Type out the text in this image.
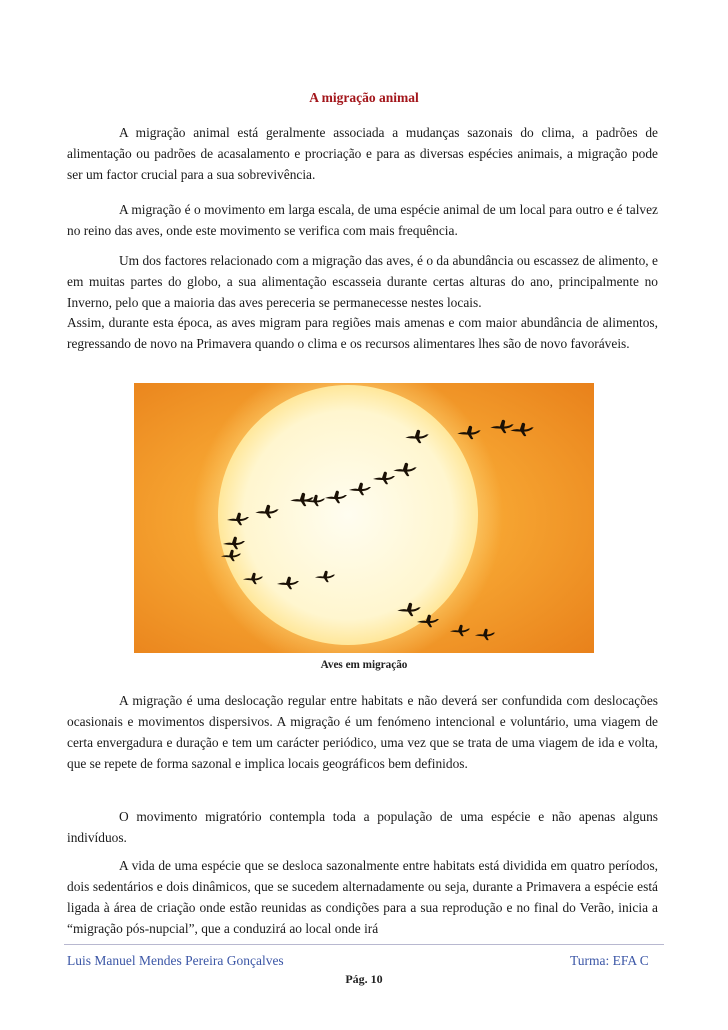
A migração animal

A migração animal está geralmente associada a mudanças sazonais do clima, a padrões de alimentação ou padrões de acasalamento e procriação e para as diversas espécies animais, a migração pode ser um factor crucial para a sua sobrevivência.

A migração é o movimento em larga escala, de uma espécie animal de um local para outro e é talvez no reino das aves, onde este movimento se verifica com mais frequência.

Um dos factores relacionado com a migração das aves, é o da abundância ou escassez de alimento, e em muitas partes do globo, a sua alimentação escasseia durante certas alturas do ano, principalmente no Inverno, pelo que a maioria das aves pereceria se permanecesse nestes locais.

Assim, durante esta época, as aves migram para regiões mais amenas e com maior abundância de alimentos, regressando de novo na Primavera quando o clima e os recursos alimentares lhes são de novo favoráveis.

Aves em migração

A migração é uma deslocação regular entre habitats e não deverá ser confundida com deslocações ocasionais e movimentos dispersivos. A migração é um fenómeno intencional e voluntário, uma viagem de certa envergadura e duração e tem um carácter periódico, uma vez que se trata de uma viagem de ida e volta, que se repete de forma sazonal e implica locais geográficos bem definidos.

O movimento migratório contempla toda a população de uma espécie e não apenas alguns indivíduos.

A vida de uma espécie que se desloca sazonalmente entre habitats está dividida em quatro períodos, dois sedentários e dois dinâmicos, que se sucedem alternadamente ou seja, durante a Primavera a espécie está ligada à área de criação onde estão reunidas as condições para a sua reprodução e no final do Verão, inicia a “migração pós-nupcial”, que a conduzirá ao local onde irá

Luis Manuel Mendes Pereira Gonçalves	Turma: EFA C
Pág. 10
